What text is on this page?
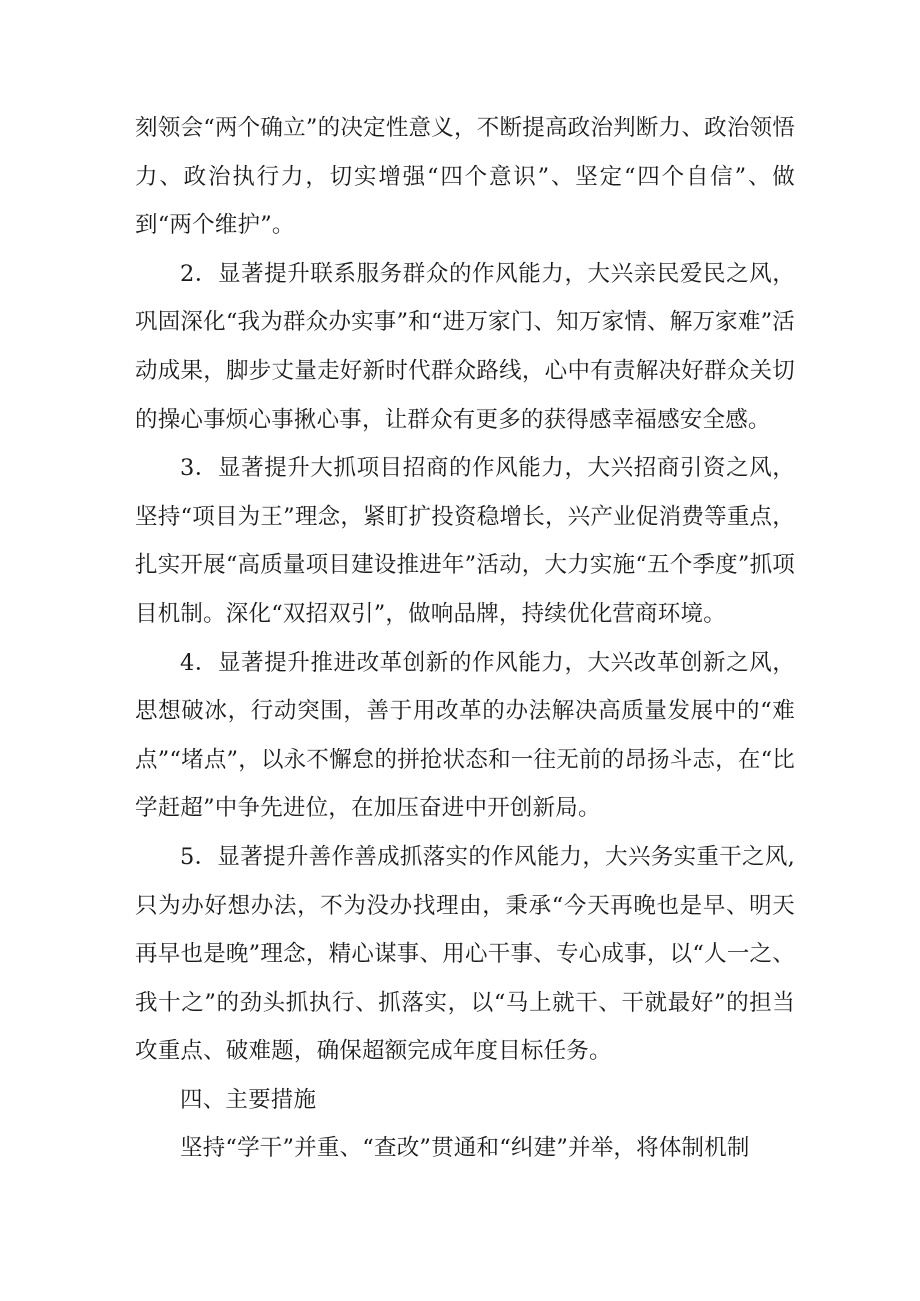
刻领会“两个确立”的决定性意义，不断提高政治判断力、政治领悟力、政治执行力，切实增强“四个意识”、坚定“四个自信”、做到“两个维护”。

2．显著提升联系服务群众的作风能力，大兴亲民爱民之风，巩固深化“我为群众办实事”和“进万家门、知万家情、解万家难”活动成果，脚步丈量走好新时代群众路线，心中有责解决好群众关切的操心事烦心事揪心事，让群众有更多的获得感幸福感安全感。

3．显著提升大抓项目招商的作风能力，大兴招商引资之风，坚持“项目为王”理念，紧盯扩投资稳增长，兴产业促消费等重点，扎实开展“高质量项目建设推进年”活动，大力实施“五个季度”抓项目机制。深化“双招双引”，做响品牌，持续优化营商环境。

4．显著提升推进改革创新的作风能力，大兴改革创新之风，思想破冰，行动突围，善于用改革的办法解决高质量发展中的“难点”“堵点”，以永不懈怠的拼抢状态和一往无前的昂扬斗志，在“比学赶超”中争先进位，在加压奋进中开创新局。

5．显著提升善作善成抓落实的作风能力，大兴务实重干之风,只为办好想办法，不为没办找理由，秉承“今天再晚也是早、明天再早也是晚”理念，精心谋事、用心干事、专心成事，以“人一之、我十之”的劲头抓执行、抓落实，以“马上就干、干就最好”的担当攻重点、破难题，确保超额完成年度目标任务。

四、主要措施

坚持“学干”并重、“查改”贯通和“纠建”并举，将体制机制
